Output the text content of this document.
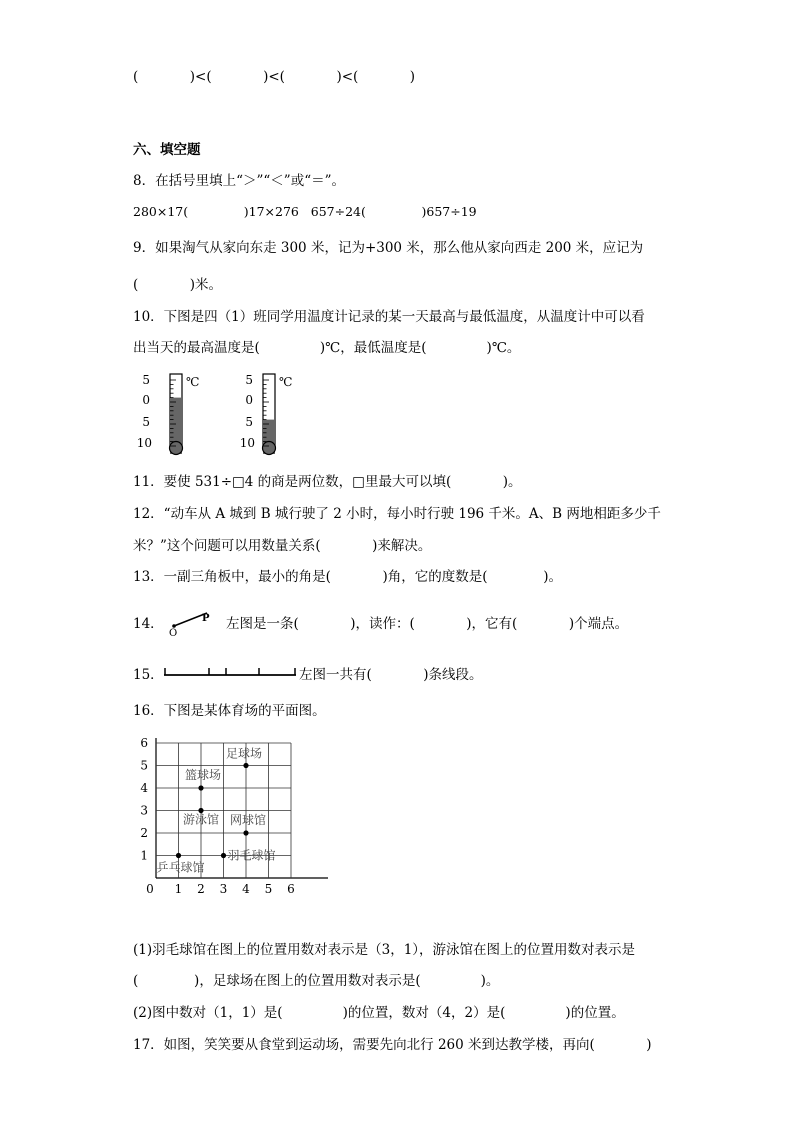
(            )<(            )<(            )<(            )
六、填空题
8．在括号里填上“＞”“＜”或“＝”。
280×17(              )17×276   657÷24(              )657÷19
9．如果淘气从家向东走 300 米，记为+300 米，那么他从家向西走 200 米，应记为
(            )米。
10．下图是四（1）班同学用温度计记录的某一天最高与最低温度，从温度计中可以看
出当天的最高温度是(              )℃，最低温度是(              )℃。
5
0
5
10
℃	5
0
5
10
℃
11．要使 531÷□4 的商是两位数，□里最大可以填(            )。
12．“动车从 A 城到 B 城行驶了 2 小时，每小时行驶 196 千米。A、B 两地相距多少千
米？”这个问题可以用数量关系(            )来解决。
13．一副三角板中，最小的角是(            )角，它的度数是(             )。
14．
O
P 左图是一条(            )，读作：(            )，它有(            )个端点。
15．	左图一共有(            )条线段。
16．下图是某体育场的平面图。
0 1 2 3 4 5 6
1
2
3
4
5
6
足球场
篮球场
游泳馆 网球馆
羽毛球馆
乒乓球馆
(1)羽毛球馆在图上的位置用数对表示是（3，1），游泳馆在图上的位置用数对表示是
(             )，足球场在图上的位置用数对表示是(              )。
(2)图中数对（1，1）是(              )的位置，数对（4，2）是(              )的位置。
17．如图，笑笑要从食堂到运动场，需要先向北行 260 米到达教学楼，再向(            )
